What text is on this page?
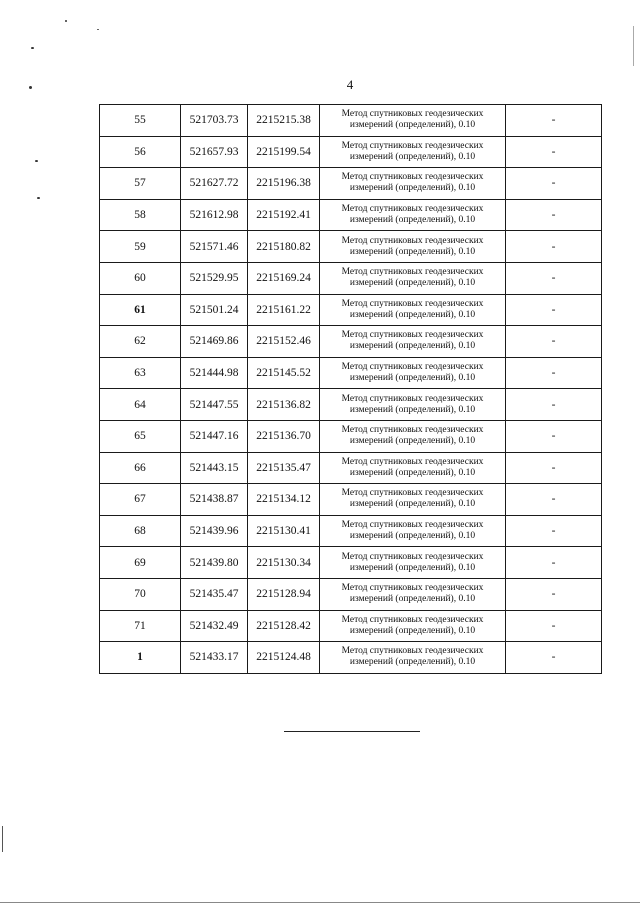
4
55	521703.73	2215215.38	Метод спутниковых геодезических
измерений (определений), 0.10	-
56	521657.93	2215199.54	Метод спутниковых геодезических
измерений (определений), 0.10	-
57	521627.72	2215196.38	Метод спутниковых геодезических
измерений (определений), 0.10	-
58	521612.98	2215192.41	Метод спутниковых геодезических
измерений (определений), 0.10	-
59	521571.46	2215180.82	Метод спутниковых геодезических
измерений (определений), 0.10	-
60	521529.95	2215169.24	Метод спутниковых геодезических
измерений (определений), 0.10	-
61	521501.24	2215161.22	Метод спутниковых геодезических
измерений (определений), 0.10	-
62	521469.86	2215152.46	Метод спутниковых геодезических
измерений (определений), 0.10	-
63	521444.98	2215145.52	Метод спутниковых геодезических
измерений (определений), 0.10	-
64	521447.55	2215136.82	Метод спутниковых геодезических
измерений (определений), 0.10	-
65	521447.16	2215136.70	Метод спутниковых геодезических
измерений (определений), 0.10	-
66	521443.15	2215135.47	Метод спутниковых геодезических
измерений (определений), 0.10	-
67	521438.87	2215134.12	Метод спутниковых геодезических
измерений (определений), 0.10	-
68	521439.96	2215130.41	Метод спутниковых геодезических
измерений (определений), 0.10	-
69	521439.80	2215130.34	Метод спутниковых геодезических
измерений (определений), 0.10	-
70	521435.47	2215128.94	Метод спутниковых геодезических
измерений (определений), 0.10	-
71	521432.49	2215128.42	Метод спутниковых геодезических
измерений (определений), 0.10	-
1	521433.17	2215124.48	Метод спутниковых геодезических
измерений (определений), 0.10	-
